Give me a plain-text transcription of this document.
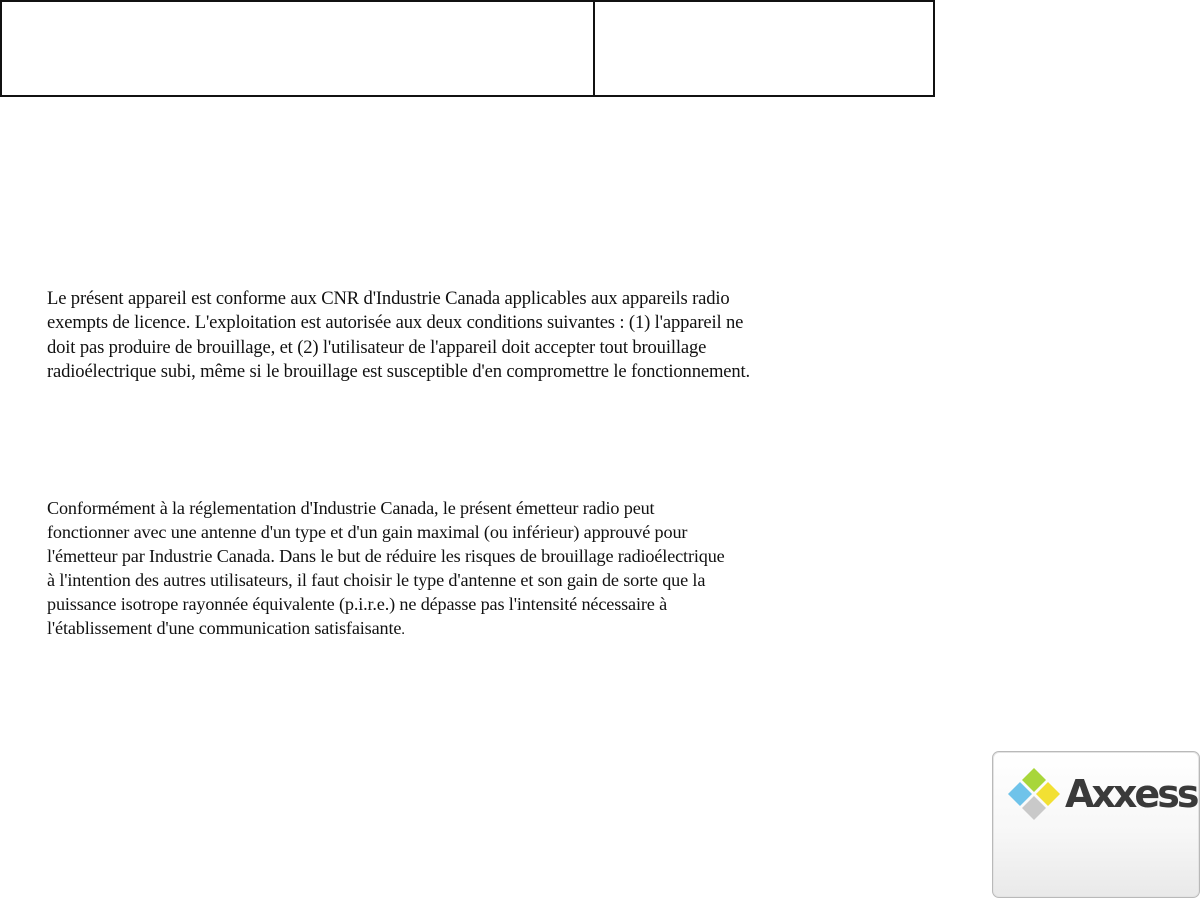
Le présent appareil est conforme aux CNR d'Industrie Canada applicables aux appareils radio
exempts de licence. L'exploitation est autorisée aux deux conditions suivantes : (1) l'appareil ne
doit pas produire de brouillage, et (2) l'utilisateur de l'appareil doit accepter tout brouillage
radioélectrique subi, même si le brouillage est susceptible d'en compromettre le fonctionnement.

Conformément à la réglementation d'Industrie Canada, le présent émetteur radio peut
fonctionner avec une antenne d'un type et d'un gain maximal (ou inférieur) approuvé pour
l'émetteur par Industrie Canada. Dans le but de réduire les risques de brouillage radioélectrique
à l'intention des autres utilisateurs, il faut choisir le type d'antenne et son gain de sorte que la
puissance isotrope rayonnée équivalente (p.i.r.e.) ne dépasse pas l'intensité nécessaire à
l'établissement d'une communication satisfaisante.

Axxess
